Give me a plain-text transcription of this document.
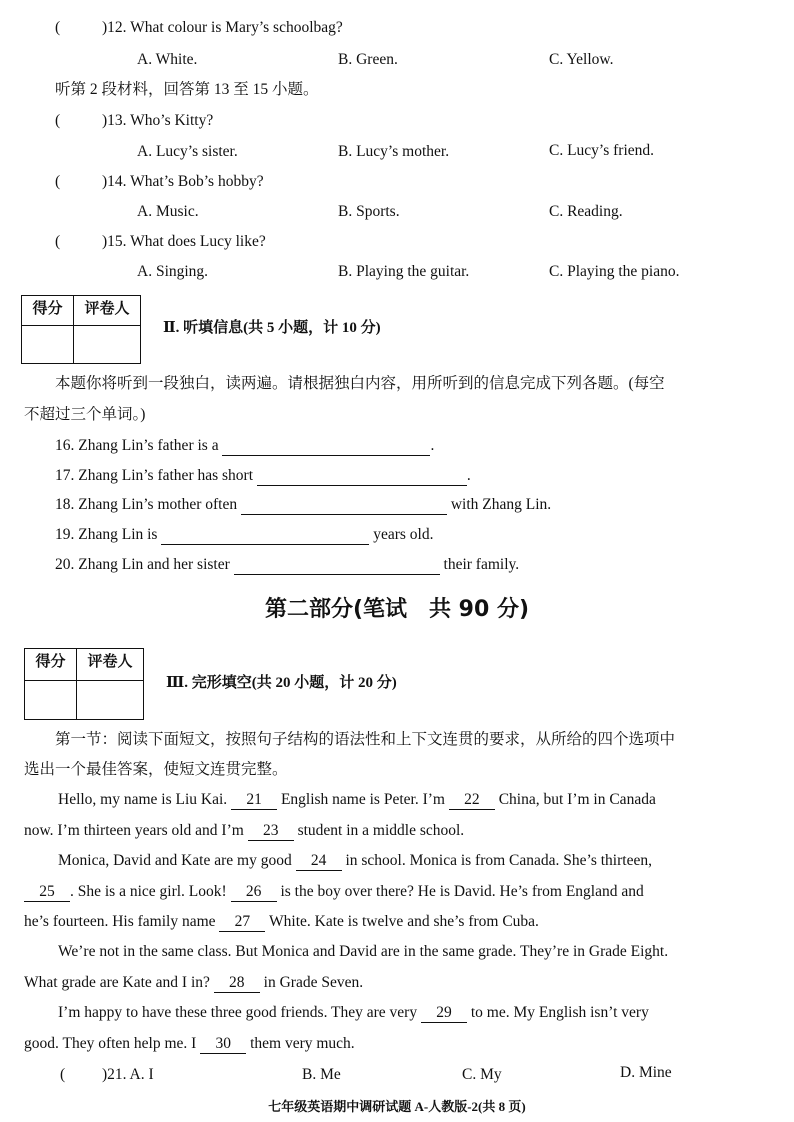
(	)12. What colour is Mary’s schoolbag?
A. White.	B. Green.	C. Yellow.
听第 2 段材料，回答第 13 至 15 小题。
(	)13. Who’s Kitty?
A. Lucy’s sister.	B. Lucy’s mother.	C. Lucy’s friend.
(	)14. What’s Bob’s hobby?
A. Music.	B. Sports.	C. Reading.
(	)15. What does Lucy like?
A. Singing.	B. Playing the guitar.	C. Playing the piano.
得分	评卷人
Ⅱ. 听填信息(共 5 小题，计 10 分)
本题你将听到一段独白，读两遍。请根据独白内容，用所听到的信息完成下列各题。(每空
不超过三个单词。)
16. Zhang Lin’s father is a	.
17. Zhang Lin’s father has short	.
18. Zhang Lin’s mother often	with Zhang Lin.
19. Zhang Lin is	years old.
20. Zhang Lin and her sister	their family.
第二部分(笔试　共 90 分)
得分	评卷人
Ⅲ. 完形填空(共 20 小题，计 20 分)
第一节：阅读下面短文，按照句子结构的语法性和上下文连贯的要求，从所给的四个选项中
选出一个最佳答案，使短文连贯完整。
Hello, my name is Liu Kai. 21 English name is Peter. I’m 22 China, but I’m in Canada
now. I’m thirteen years old and I’m 23 student in a middle school.
Monica, David and Kate are my good 24 in school. Monica is from Canada. She’s thirteen,
25 . She is a nice girl. Look! 26 is the boy over there? He is David. He’s from England and
he’s fourteen. His family name 27 White. Kate is twelve and she’s from Cuba.
We’re not in the same class. But Monica and David are in the same grade. They’re in Grade Eight.
What grade are Kate and I in? 28 in Grade Seven.
I’m happy to have these three good friends. They are very 29 to me. My English isn’t very
good. They often help me. I 30 them very much.
( )21. A. I	B. Me	C. My	D. Mine
七年级英语期中调研试题 A-人教版-2(共 8 页)
